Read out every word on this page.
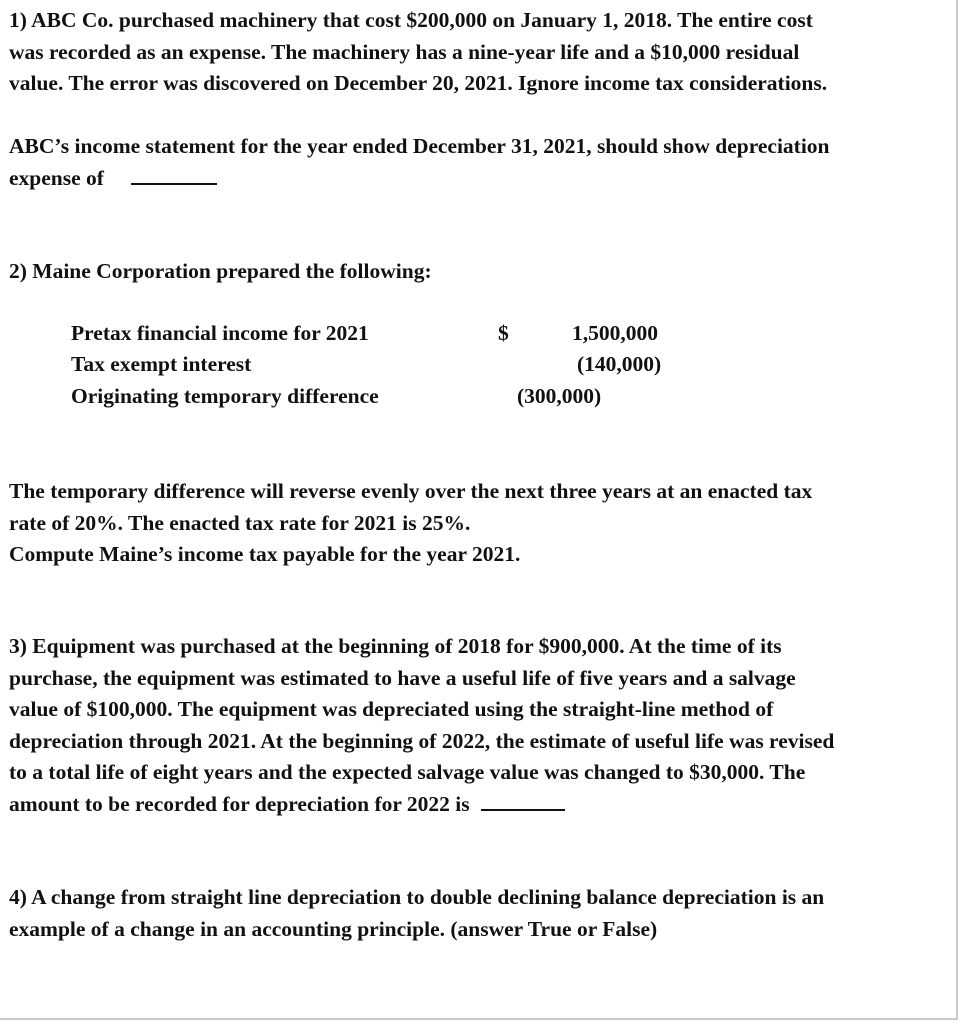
1) ABC Co. purchased machinery that cost $200,000 on January 1, 2018. The entire cost
was recorded as an expense. The machinery has a nine-year life and a $10,000 residual
value. The error was discovered on December 20, 2021. Ignore income tax considerations.
ABC’s income statement for the year ended December 31, 2021, should show depreciation
expense of
2) Maine Corporation prepared the following:
Pretax financial income for 2021	$	1,500,000
Tax exempt interest	(140,000)
Originating temporary difference	(300,000)
The temporary difference will reverse evenly over the next three years at an enacted tax
rate of 20%. The enacted tax rate for 2021 is 25%.
Compute Maine’s income tax payable for the year 2021.
3) Equipment was purchased at the beginning of 2018 for $900,000. At the time of its
purchase, the equipment was estimated to have a useful life of five years and a salvage
value of $100,000. The equipment was depreciated using the straight-line method of
depreciation through 2021. At the beginning of 2022, the estimate of useful life was revised
to a total life of eight years and the expected salvage value was changed to $30,000. The
amount to be recorded for depreciation for 2022 is
4) A change from straight line depreciation to double declining balance depreciation is an
example of a change in an accounting principle. (answer True or False)
